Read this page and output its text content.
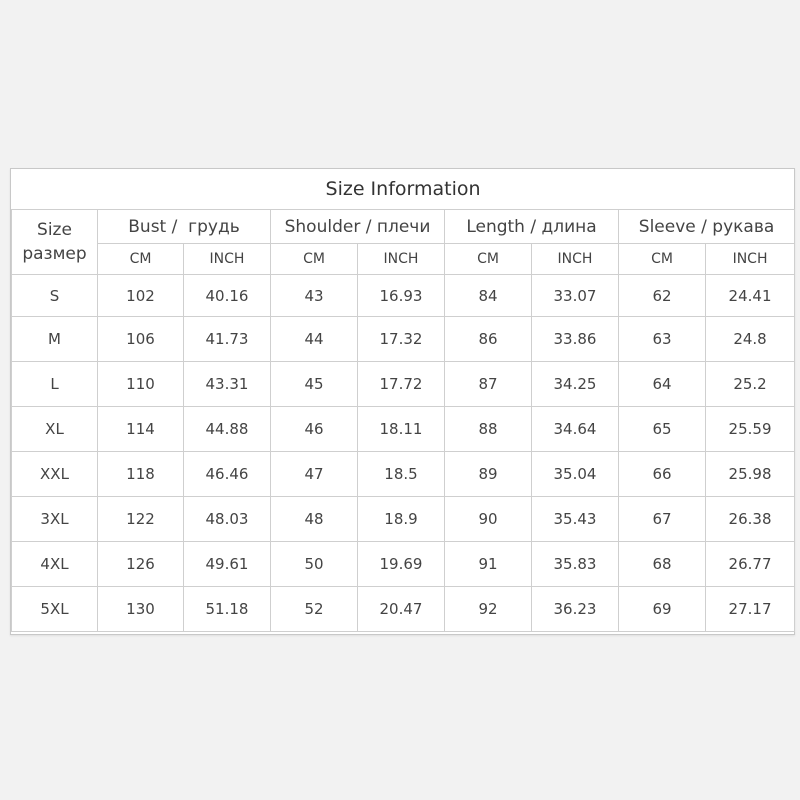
Size Information								

Size
размер	Bust /  грудь		Shoulder / плечи		Length / длина		Sleeve / рукава	
	CM	INCH	CM	INCH	CM	INCH	CM	INCH
S	102	40.16	43	16.93	84	33.07	62	24.41
M	106	41.73	44	17.32	86	33.86	63	24.8
L	110	43.31	45	17.72	87	34.25	64	25.2
XL	114	44.88	46	18.11	88	34.64	65	25.59
XXL	118	46.46	47	18.5	89	35.04	66	25.98
3XL	122	48.03	48	18.9	90	35.43	67	26.38
4XL	126	49.61	50	19.69	91	35.83	68	26.77
5XL	130	51.18	52	20.47	92	36.23	69	27.17
